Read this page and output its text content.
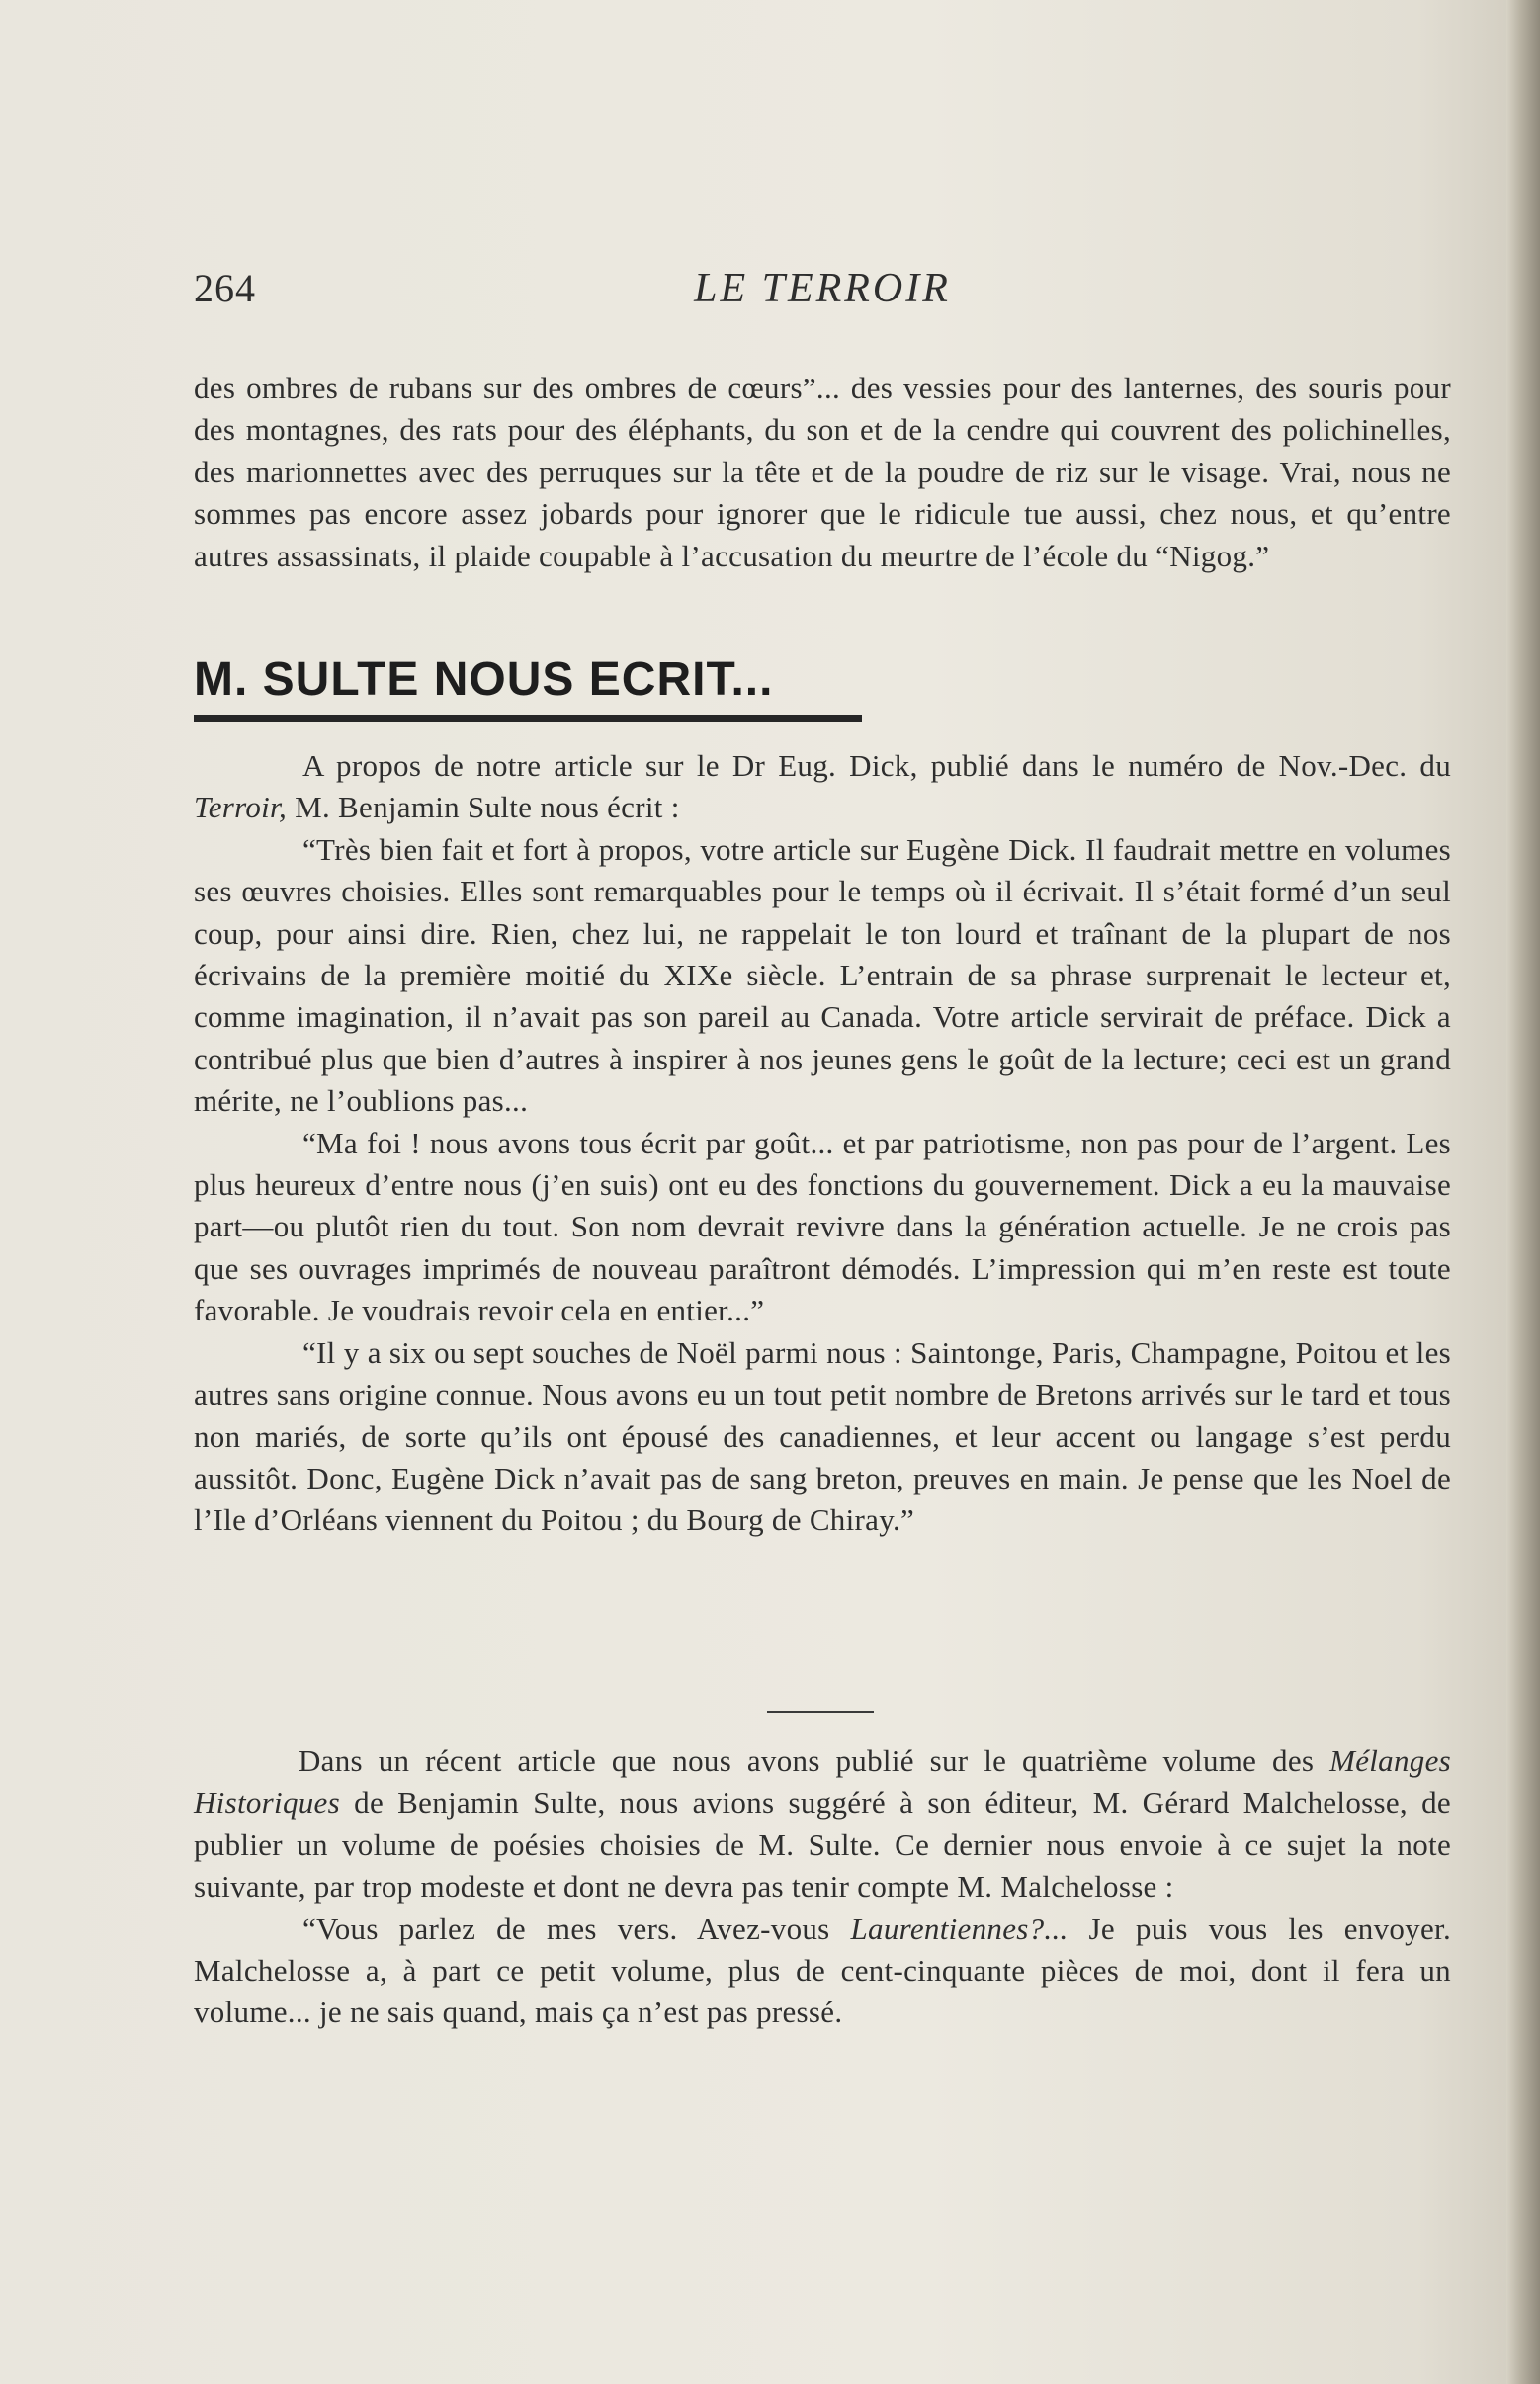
264	LE TERROIR

des ombres de rubans sur des ombres de cœurs”... des vessies pour des lanternes, des souris pour des montagnes, des rats pour des éléphants, du son et de la cendre qui couvrent des polichinelles, des marionnettes avec des perruques sur la tête et de la poudre de riz sur le visage. Vrai, nous ne sommes pas encore assez jobards pour ignorer que le ridicule tue aussi, chez nous, et qu’entre autres assassinats, il plaide coupable à l’accusation du meurtre de l’école du “Nigog.”

M. SULTE NOUS ECRIT...

A propos de notre article sur le Dr Eug. Dick, publié dans le numéro de Nov.-Dec. du Terroir, M. Benjamin Sulte nous écrit :

“Très bien fait et fort à propos, votre article sur Eugène Dick. Il faudrait mettre en volumes ses œuvres choisies. Elles sont remarquables pour le temps où il écrivait. Il s’était formé d’un seul coup, pour ainsi dire. Rien, chez lui, ne rappelait le ton lourd et traînant de la plupart de nos écrivains de la première moitié du XIXe siècle. L’entrain de sa phrase surprenait le lecteur et, comme imagination, il n’avait pas son pareil au Canada. Votre article servirait de préface. Dick a contribué plus que bien d’autres à inspirer à nos jeunes gens le goût de la lecture; ceci est un grand mérite, ne l’oublions pas...

“Ma foi ! nous avons tous écrit par goût... et par patriotisme, non pas pour de l’argent. Les plus heureux d’entre nous (j’en suis) ont eu des fonctions du gouvernement. Dick a eu la mauvaise part—ou plutôt rien du tout. Son nom devrait revivre dans la génération actuelle. Je ne crois pas que ses ouvrages imprimés de nouveau paraîtront démodés. L’impression qui m’en reste est toute favorable. Je voudrais revoir cela en entier...”

“Il y a six ou sept souches de Noël parmi nous : Saintonge, Paris, Champagne, Poitou et les autres sans origine connue. Nous avons eu un tout petit nombre de Bretons arrivés sur le tard et tous non mariés, de sorte qu’ils ont épousé des canadiennes, et leur accent ou langage s’est perdu aussitôt. Donc, Eugène Dick n’avait pas de sang breton, preuves en main. Je pense que les Noel de l’Ile d’Orléans viennent du Poitou ; du Bourg de Chiray.”

Dans un récent article que nous avons publié sur le quatrième volume des Mélanges Historiques de Benjamin Sulte, nous avions suggéré à son éditeur, M. Gérard Malchelosse, de publier un volume de poésies choisies de M. Sulte. Ce dernier nous envoie à ce sujet la note suivante, par trop modeste et dont ne devra pas tenir compte M. Malchelosse :

“Vous parlez de mes vers. Avez-vous Laurentiennes?... Je puis vous les envoyer. Malchelosse a, à part ce petit volume, plus de cent-cinquante pièces de moi, dont il fera un volume... je ne sais quand, mais ça n’est pas pressé.
